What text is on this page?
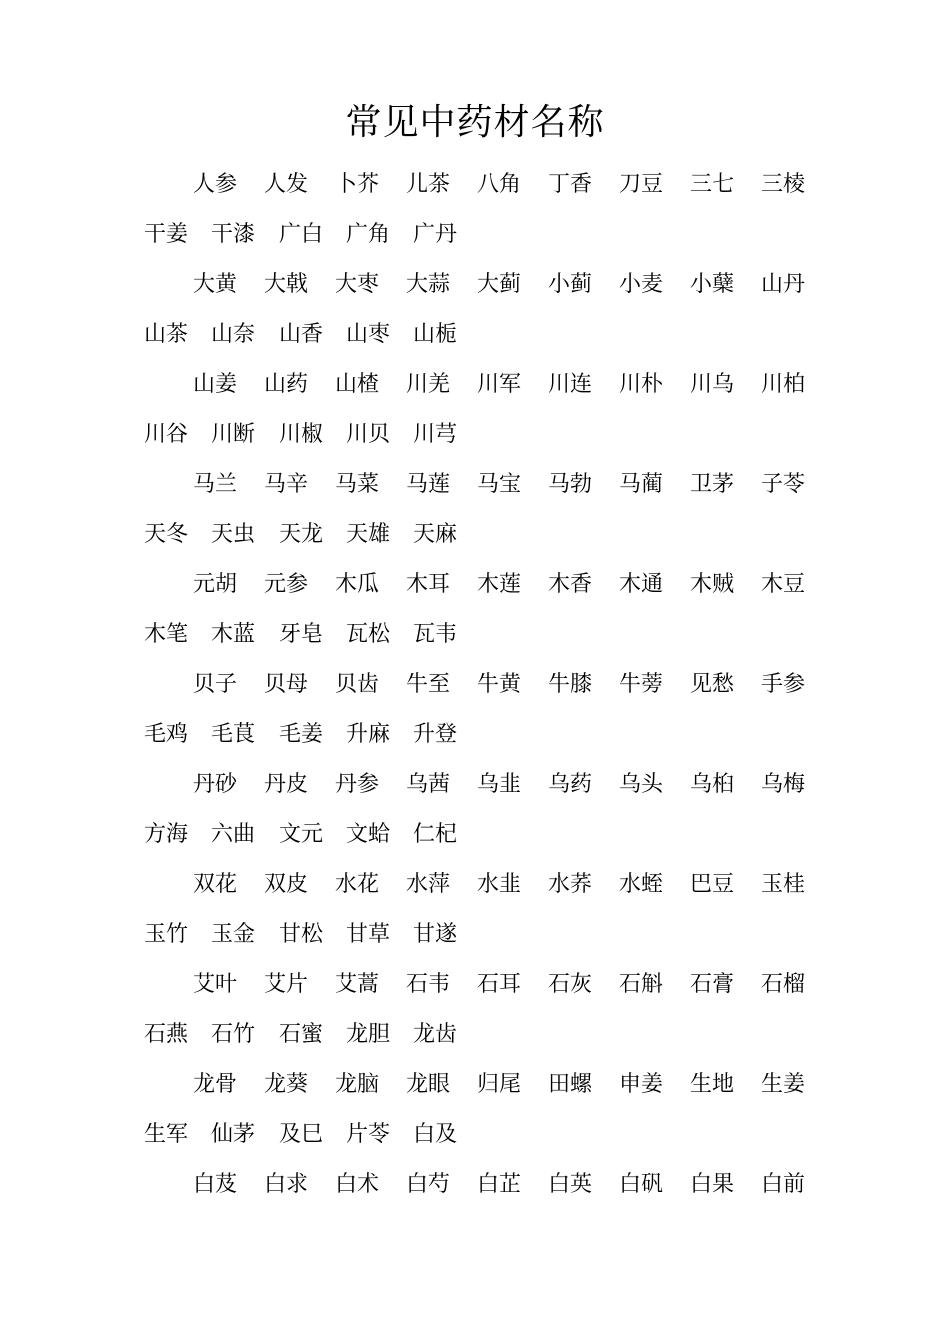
常见中药材名称
人参 人发 卜芥 儿茶 八角 丁香 刀豆 三七 三棱
干姜 干漆 广白 广角 广丹
大黄 大戟 大枣 大蒜 大蓟 小蓟 小麦 小蘖 山丹
山茶 山奈 山香 山枣 山栀
山姜 山药 山楂 川羌 川军 川连 川朴 川乌 川柏
川谷 川断 川椒 川贝 川芎
马兰 马辛 马菜 马莲 马宝 马勃 马蔺 卫茅 子苓
天冬 天虫 天龙 天雄 天麻
元胡 元参 木瓜 木耳 木莲 木香 木通 木贼 木豆
木笔 木蓝 牙皂 瓦松 瓦韦
贝子 贝母 贝齿 牛至 牛黄 牛膝 牛蒡 见愁 手参
毛鸡 毛茛 毛姜 升麻 升登
丹砂 丹皮 丹参 乌茜 乌韭 乌药 乌头 乌桕 乌梅
方海 六曲 文元 文蛤 仁杞
双花 双皮 水花 水萍 水韭 水荞 水蛭 巴豆 玉桂
玉竹 玉金 甘松 甘草 甘遂
艾叶 艾片 艾蒿 石韦 石耳 石灰 石斛 石膏 石榴
石燕 石竹 石蜜 龙胆 龙齿
龙骨 龙葵 龙脑 龙眼 归尾 田螺 申姜 生地 生姜
生军 仙茅 及巳 片苓 白及
白芨 白求 白术 白芍 白芷 白英 白矾 白果 白前
